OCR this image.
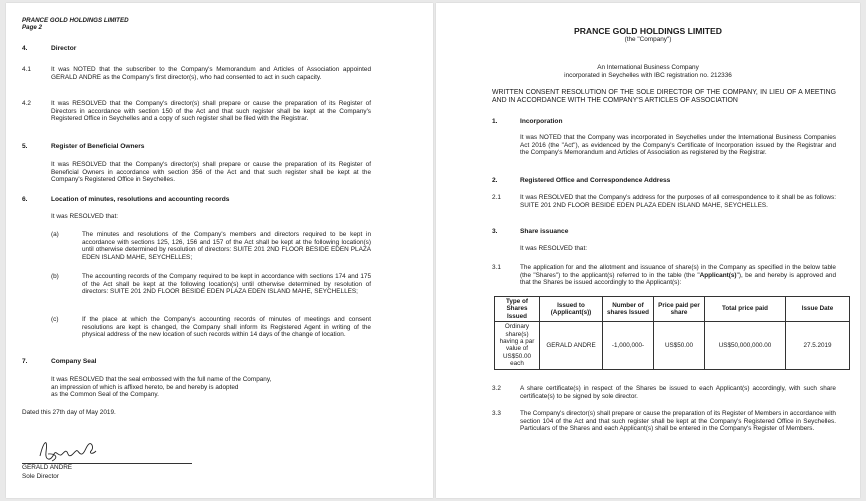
PRANCE GOLD HOLDINGS LIMITED
Page 2
4.	Director
4.1	It was NOTED that the subscriber to the Company's Memorandum and Articles of Association appointed GERALD ANDRE as the Company's first director(s), who had consented to act in such capacity.
4.2	It was RESOLVED that the Company's director(s) shall prepare or cause the preparation of its Register of Directors in accordance with section 150 of the Act and that such register shall be kept at the Company's Registered Office in Seychelles and a copy of such register shall be filed with the Registrar.
5.	Register of Beneficial Owners
It was RESOLVED that the Company's director(s) shall prepare or cause the preparation of its Register of Beneficial Owners in accordance with section 356 of the Act and that such register shall be kept at the Company's Registered Office in Seychelles.
6.	Location of minutes, resolutions and accounting records
It was RESOLVED that:
(a)	The minutes and resolutions of the Company's members and directors required to be kept in accordance with sections 125, 126, 156 and 157 of the Act shall be kept at the following location(s) until otherwise determined by resolution of directors: SUITE 201 2ND FLOOR BESIDE EDEN PLAZA EDEN ISLAND MAHE, SEYCHELLES;
(b)	The accounting records of the Company required to be kept in accordance with sections 174 and 175 of the Act shall be kept at the following location(s) until otherwise determined by resolution of directors: SUITE 201 2ND FLOOR BESIDE EDEN PLAZA EDEN ISLAND MAHE, SEYCHELLES;
(c)	If the place at which the Company's accounting records of minutes of meetings and consent resolutions are kept is changed, the Company shall inform its Registered Agent in writing of the physical address of the new location of such records within 14 days of the change of location.
7.	Company Seal
It was RESOLVED that the seal embossed with the full name of the Company,
an impression of which is affixed hereto, be and hereby is adopted
as the Common Seal of the Company.
Dated this 27th day of May 2019.
GERALD ANDRE
Sole Director
PRANCE GOLD HOLDINGS LIMITED
(the "Company")
An International Business Company
incorporated in Seychelles with IBC registration no. 212336
WRITTEN CONSENT RESOLUTION OF THE SOLE DIRECTOR OF THE COMPANY, IN LIEU OF A MEETING AND IN ACCORDANCE WITH THE COMPANY'S ARTICLES OF ASSOCIATION
1.	Incorporation
It was NOTED that the Company was incorporated in Seychelles under the International Business Companies Act 2016 (the "Act"), as evidenced by the Company's Certificate of Incorporation issued by the Registrar and the Company's Memorandum and Articles of Association as registered by the Registrar.
2.	Registered Office and Correspondence Address
2.1	It was RESOLVED that the Company's address for the purposes of all correspondence to it shall be as follows: SUITE 201 2ND FLOOR BESIDE EDEN PLAZA EDEN ISLAND MAHE, SEYCHELLES.
3.	Share issuance
It was RESOLVED that:
3.1	The application for and the allotment and issuance of share(s) in the Company as specified in the below table (the "Shares") to the applicant(s) referred to in the table (the "Applicant(s)"), be and hereby is approved and that the Shares be issued accordingly to the Applicant(s):
Type of Shares Issued	Issued to (Applicant(s))	Number of shares Issued	Price paid per share	Total price paid	Issue Date
Ordinary share(s) having a par value of US$50.00 each	GERALD ANDRE	-1,000,000-	US$50.00	US$50,000,000.00	27.5.2019
3.2	A share certificate(s) in respect of the Shares be issued to each Applicant(s) accordingly, with such share certificate(s) to be signed by sole director.
3.3	The Company's director(s) shall prepare or cause the preparation of its Register of Members in accordance with section 104 of the Act and that such register shall be kept at the Company's Registered Office in Seychelles. Particulars of the Shares and each Applicant(s) shall be entered in the Company's Register of Members.
